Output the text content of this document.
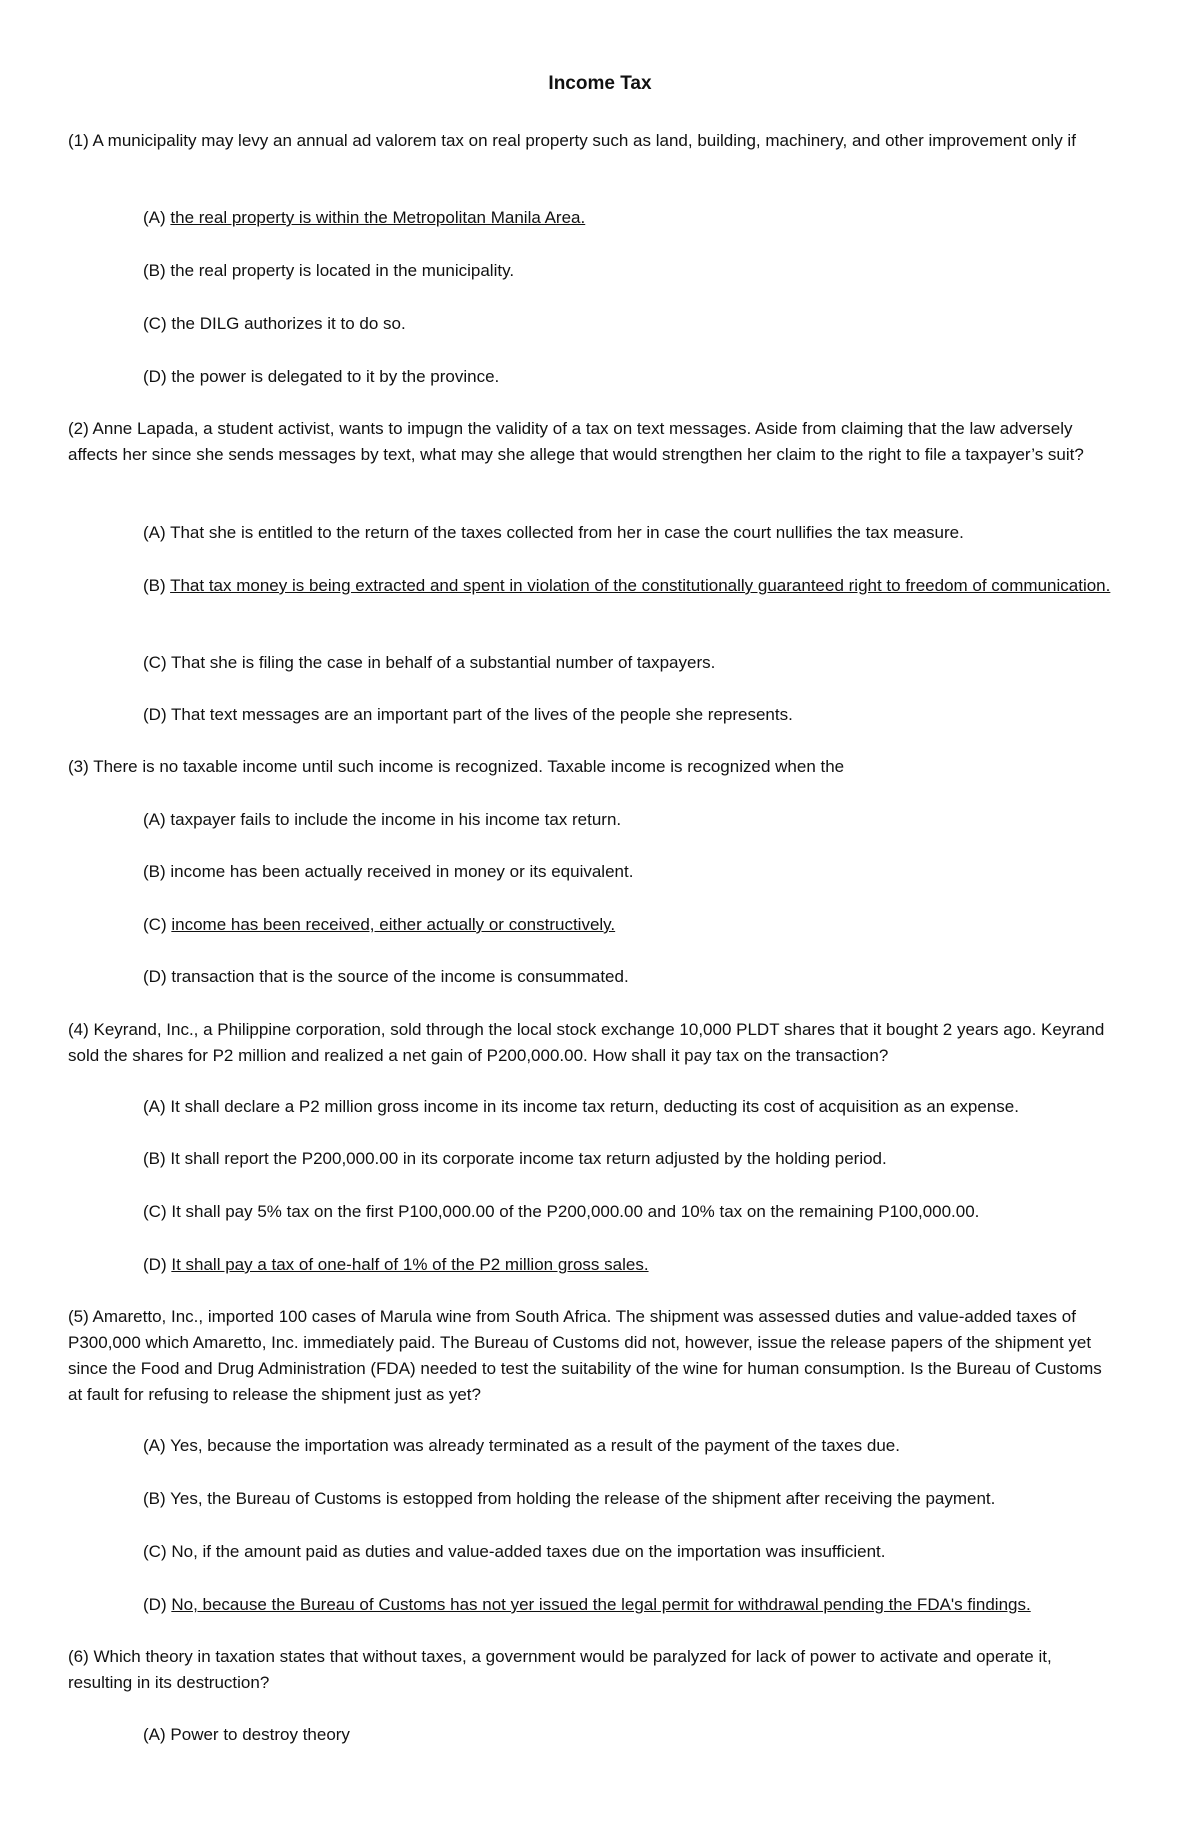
Income Tax

(1) A municipality may levy an annual ad valorem tax on real property such as land, building, machinery, and other improvement only if

(A) the real property is within the Metropolitan Manila Area.

(B) the real property is located in the municipality.

(C) the DILG authorizes it to do so.

(D) the power is delegated to it by the province.

(2) Anne Lapada, a student activist, wants to impugn the validity of a tax on text messages. Aside from claiming that the law adversely affects her since she sends messages by text, what may she allege that would strengthen her claim to the right to file a taxpayer’s suit?

(A) That she is entitled to the return of the taxes collected from her in case the court nullifies the tax measure.

(B) That tax money is being extracted and spent in violation of the constitutionally guaranteed right to freedom of communication.

(C) That she is filing the case in behalf of a substantial number of taxpayers.

(D) That text messages are an important part of the lives of the people she represents.

(3) There is no taxable income until such income is recognized. Taxable income is recognized when the

(A) taxpayer fails to include the income in his income tax return.

(B) income has been actually received in money or its equivalent.

(C) income has been received, either actually or constructively.

(D) transaction that is the source of the income is consummated.

(4) Keyrand, Inc., a Philippine corporation, sold through the local stock exchange 10,000 PLDT shares that it bought 2 years ago. Keyrand sold the shares for P2 million and realized a net gain of P200,000.00. How shall it pay tax on the transaction?

(A) It shall declare a P2 million gross income in its income tax return, deducting its cost of acquisition as an expense.

(B) It shall report the P200,000.00 in its corporate income tax return adjusted by the holding period.

(C) It shall pay 5% tax on the first P100,000.00 of the P200,000.00 and 10% tax on the remaining P100,000.00.

(D) It shall pay a tax of one-half of 1% of the P2 million gross sales.

(5) Amaretto, Inc., imported 100 cases of Marula wine from South Africa. The shipment was assessed duties and value-added taxes of P300,000 which Amaretto, Inc. immediately paid. The Bureau of Customs did not, however, issue the release papers of the shipment yet since the Food and Drug Administration (FDA) needed to test the suitability of the wine for human consumption. Is the Bureau of Customs at fault for refusing to release the shipment just as yet?

(A) Yes, because the importation was already terminated as a result of the payment of the taxes due.

(B) Yes, the Bureau of Customs is estopped from holding the release of the shipment after receiving the payment.

(C) No, if the amount paid as duties and value-added taxes due on the importation was insufficient.

(D) No, because the Bureau of Customs has not yer issued the legal permit for withdrawal pending the FDA's findings.

(6) Which theory in taxation states that without taxes, a government would be paralyzed for lack of power to activate and operate it, resulting in its destruction?

(A) Power to destroy theory
